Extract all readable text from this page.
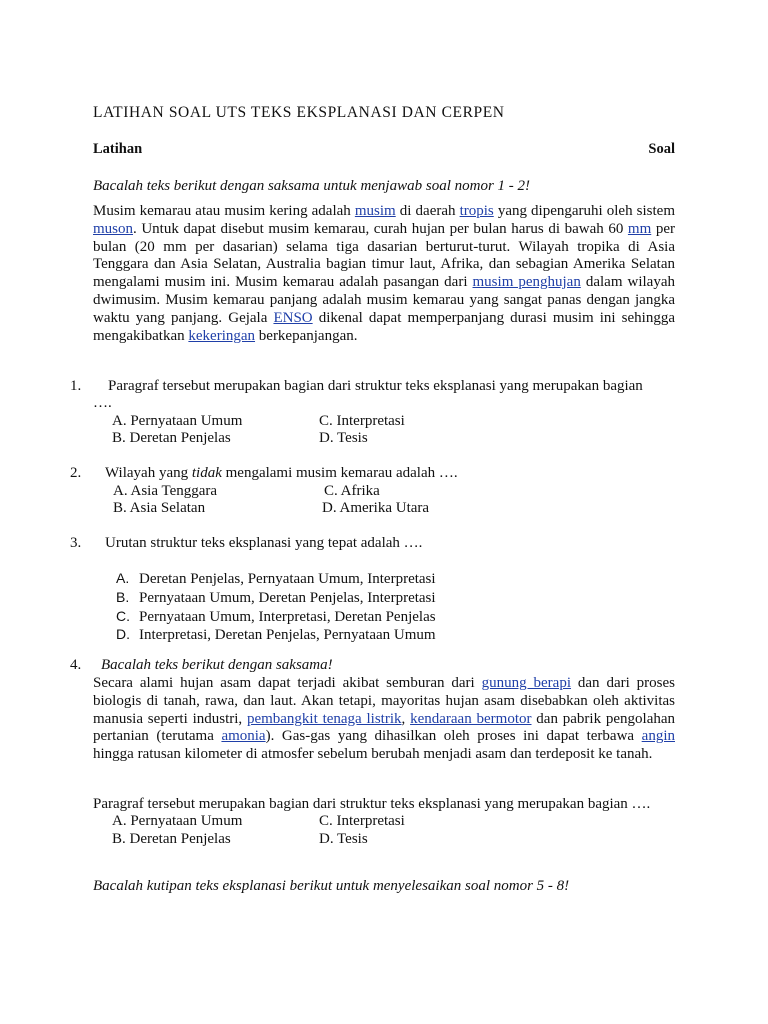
LATIHAN SOAL UTS TEKS EKSPLANASI DAN CERPEN
Latihan	Soal
Bacalah teks berikut dengan saksama untuk menjawab soal nomor 1 - 2!
Musim kemarau atau musim kering adalah musim di daerah tropis yang dipengaruhi oleh sistem muson. Untuk dapat disebut musim kemarau, curah hujan per bulan harus di bawah 60 mm per bulan (20 mm per dasarian) selama tiga dasarian berturut-turut. Wilayah tropika di Asia Tenggara dan Asia Selatan, Australia bagian timur laut, Afrika, dan sebagian Amerika Selatan mengalami musim ini. Musim kemarau adalah pasangan dari musim penghujan dalam wilayah dwimusim. Musim kemarau panjang adalah musim kemarau yang sangat panas dengan jangka waktu yang panjang. Gejala ENSO dikenal dapat memperpanjang durasi musim ini sehingga mengakibatkan kekeringan berkepanjangan.
1. Paragraf tersebut merupakan bagian dari struktur teks eksplanasi yang merupakan bagian
….
A. Pernyataan Umum
B. Deretan Penjelas
C. Interpretasi
D. Tesis
2. Wilayah yang tidak mengalami musim kemarau adalah ….
A. Asia Tenggara
B. Asia Selatan
C. Afrika
D. Amerika Utara
3. Urutan struktur teks eksplanasi yang tepat adalah ….
A. Deretan Penjelas, Pernyataan Umum, Interpretasi
B. Pernyataan Umum, Deretan Penjelas, Interpretasi
C. Pernyataan Umum, Interpretasi, Deretan Penjelas
D. Interpretasi, Deretan Penjelas, Pernyataan Umum
4. Bacalah teks berikut dengan saksama!
Secara alami hujan asam dapat terjadi akibat semburan dari gunung berapi dan dari proses biologis di tanah, rawa, dan laut. Akan tetapi, mayoritas hujan asam disebabkan oleh aktivitas manusia seperti industri, pembangkit tenaga listrik, kendaraan bermotor dan pabrik pengolahan pertanian (terutama amonia). Gas-gas yang dihasilkan oleh proses ini dapat terbawa angin hingga ratusan kilometer di atmosfer sebelum berubah menjadi asam dan terdeposit ke tanah.
Paragraf tersebut merupakan bagian dari struktur teks eksplanasi yang merupakan bagian ….
A. Pernyataan Umum
B. Deretan Penjelas
C. Interpretasi
D. Tesis
Bacalah kutipan teks eksplanasi berikut untuk menyelesaikan soal nomor 5 - 8!
